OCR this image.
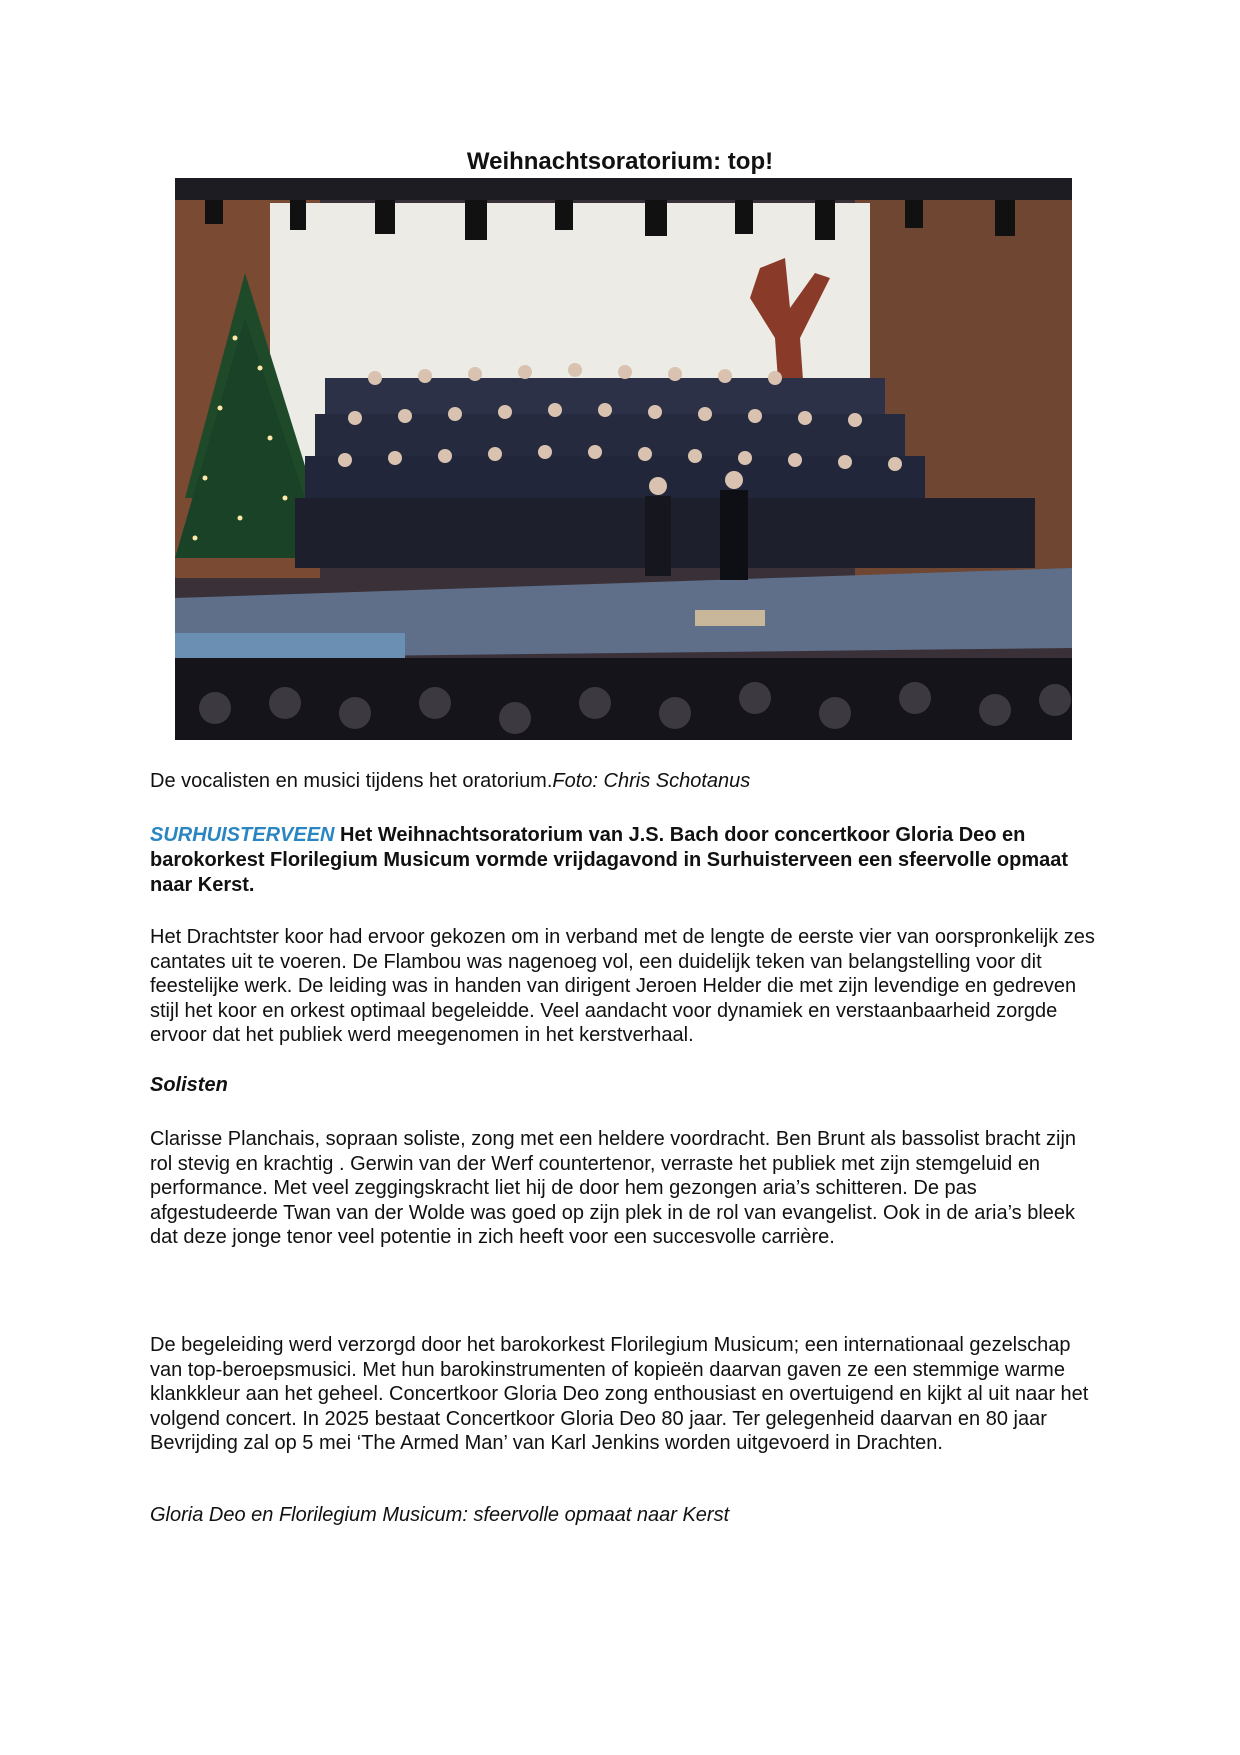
Weihnachtsoratorium: top!
De vocalisten en musici tijdens het oratorium.Foto: Chris Schotanus

SURHUISTERVEEN Het Weihnachtsoratorium van J.S. Bach door concertkoor Gloria Deo en barokorkest Florilegium Musicum vormde vrijdagavond in Surhuisterveen een sfeervolle opmaat naar Kerst.

Het Drachtster koor had ervoor gekozen om in verband met de lengte de eerste vier van oorspronkelijk zes cantates uit te voeren. De Flambou was nagenoeg vol, een duidelijk teken van belangstelling voor dit feestelijke werk. De leiding was in handen van dirigent Jeroen Helder die met zijn levendige en gedreven stijl het koor en orkest optimaal begeleidde. Veel aandacht voor dynamiek en verstaanbaarheid zorgde ervoor dat het publiek werd meegenomen in het kerstverhaal.

Solisten

Clarisse Planchais, sopraan soliste, zong met een heldere voordracht. Ben Brunt als bassolist bracht zijn rol stevig en krachtig . Gerwin van der Werf countertenor, verraste het publiek met zijn stemgeluid en performance. Met veel zeggingskracht liet hij de door hem gezongen aria’s schitteren. De pas afgestudeerde Twan van der Wolde was goed op zijn plek in de rol van evangelist. Ook in de aria’s bleek dat deze jonge tenor veel potentie in zich heeft voor een succesvolle carrière.

De begeleiding werd verzorgd door het barokorkest Florilegium Musicum; een internationaal gezelschap van top-beroepsmusici. Met hun barokinstrumenten of kopieën daarvan gaven ze een stemmige warme klankkleur aan het geheel. Concertkoor Gloria Deo zong enthousiast en overtuigend en kijkt al uit naar het volgend concert. In 2025 bestaat Concertkoor Gloria Deo 80 jaar. Ter gelegenheid daarvan en 80 jaar Bevrijding zal op 5 mei ‘The Armed Man’ van Karl Jenkins worden uitgevoerd in Drachten.

Gloria Deo en Florilegium Musicum: sfeervolle opmaat naar Kerst
